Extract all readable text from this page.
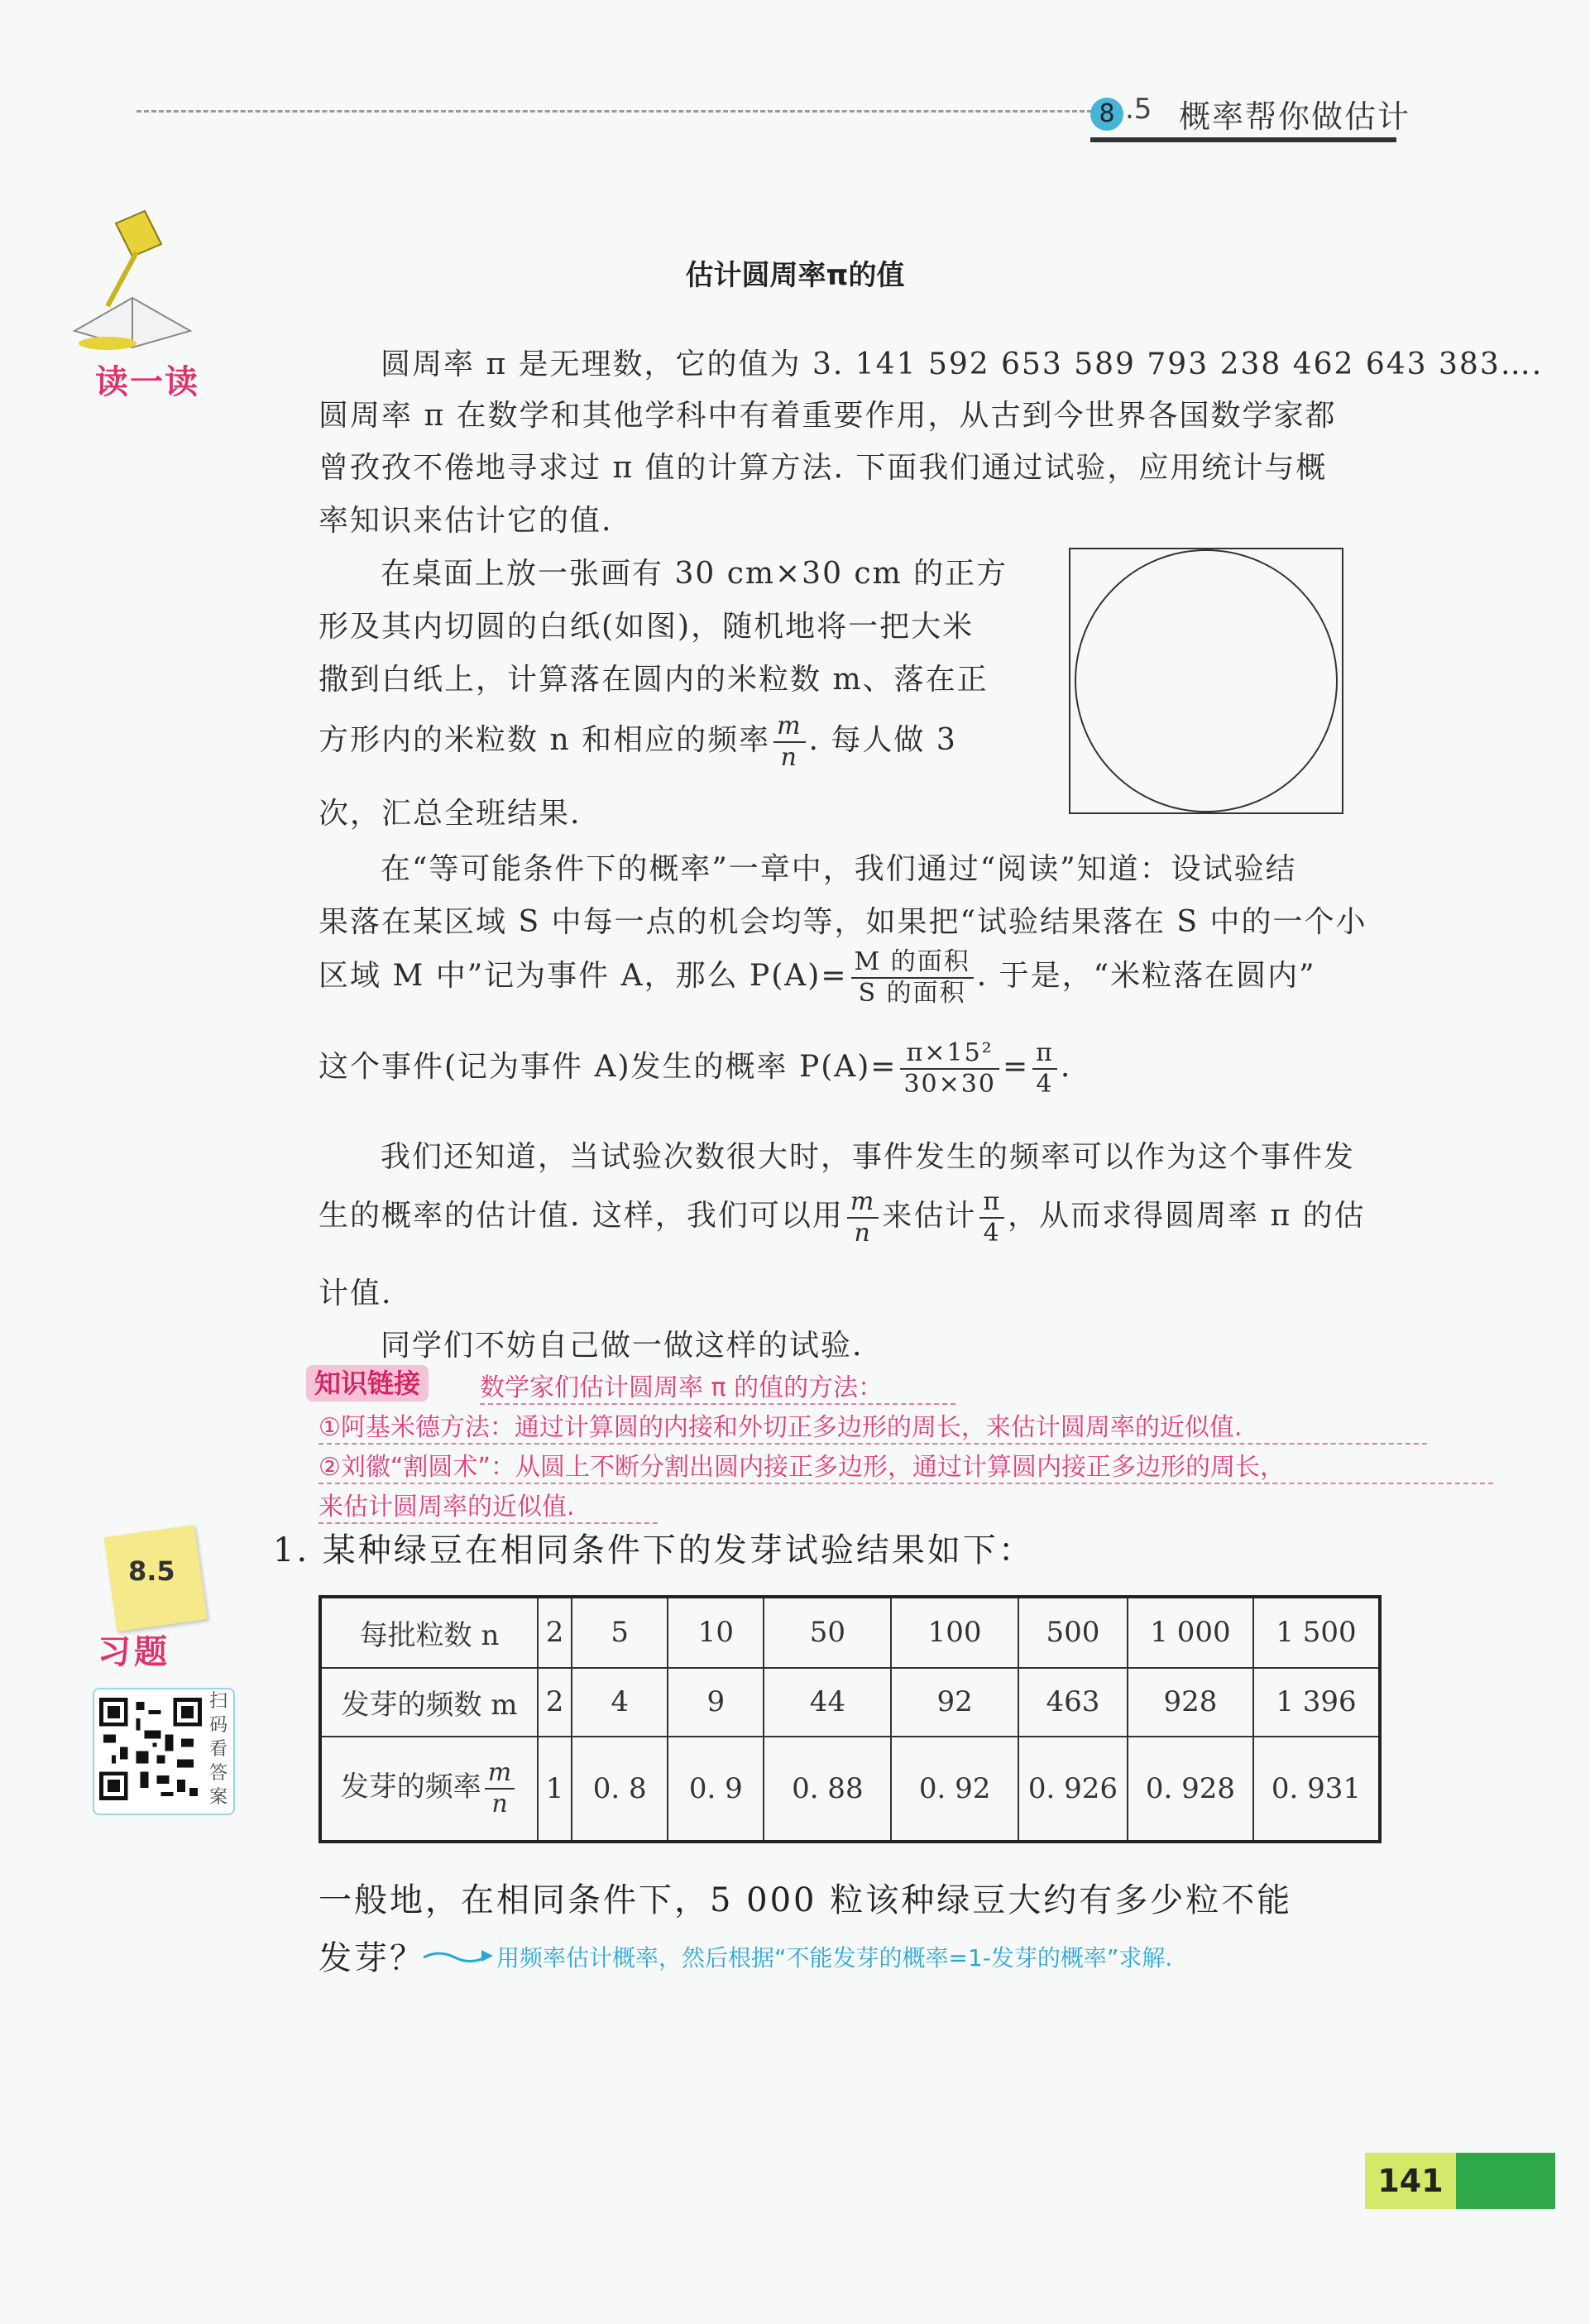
8 .5 概率帮你做估计
读一读
估计圆周率π的值
圆周率 π 是无理数，它的值为 3. 141 592 653 589 793 238 462 643 383….
圆周率 π 在数学和其他学科中有着重要作用，从古到今世界各国数学家都
曾孜孜不倦地寻求过 π 值的计算方法. 下面我们通过试验，应用统计与概
率知识来估计它的值.
在桌面上放一张画有 30 cm×30 cm 的正方
形及其内切圆的白纸(如图)，随机地将一把大米
撒到白纸上，计算落在圆内的米粒数 m、落在正
方形内的米粒数 n 和相应的频率 $\frac{m}{n}$ . 每人做 3
次，汇总全班结果.
在“等可能条件下的概率”一章中，我们通过“阅读”知道：设试验结
果落在某区域 S 中每一点的机会均等，如果把“试验结果落在 S 中的一个小
区域 M 中”记为事件 A，那么 $P(A)= \frac{\text{M 的面积}}{\text{S 的面积}}$ . 于是，“米粒落在圆内”
这个事件(记为事件 A)发生的概率 $P(A)= \frac{\text{π×15²}}{30\times 30} = \frac{\pi}{4}$ .
我们还知道，当试验次数很大时，事件发生的频率可以作为这个事件发
生的概率的估计值. 这样，我们可以用 $\frac{m}{n}$ 来估计 $\frac{\pi}{4}$ ，从而求得圆周率 π 的估
计值.
同学们不妨自己做一做这样的试验.
知识链接	数学家们估计圆周率 π 的值的方法：
①阿基米德方法：通过计算圆的内接和外切正多边形的周长，来估计圆周率的近似值.
②刘徽“割圆术”：从圆上不断分割出圆内接正多边形，通过计算圆内接正多边形的周长，
来估计圆周率的近似值.
8.5
习题
扫码看答案
1. 某种绿豆在相同条件下的发芽试验结果如下：
每批粒数 n	2	5	10	50	100	500	1 000	1 500
发芽的频数 m	2	4	9	44	92	463	928	1 396
发芽的频率 $\frac{m}{n}$	1	0. 8	0. 9	0. 88	0. 92	0. 926	0. 928	0. 931
一般地，在相同条件下，5 000 粒该种绿豆大约有多少粒不能
发芽？	用频率估计概率，然后根据“不能发芽的概率=1-发芽的概率”求解.
141
